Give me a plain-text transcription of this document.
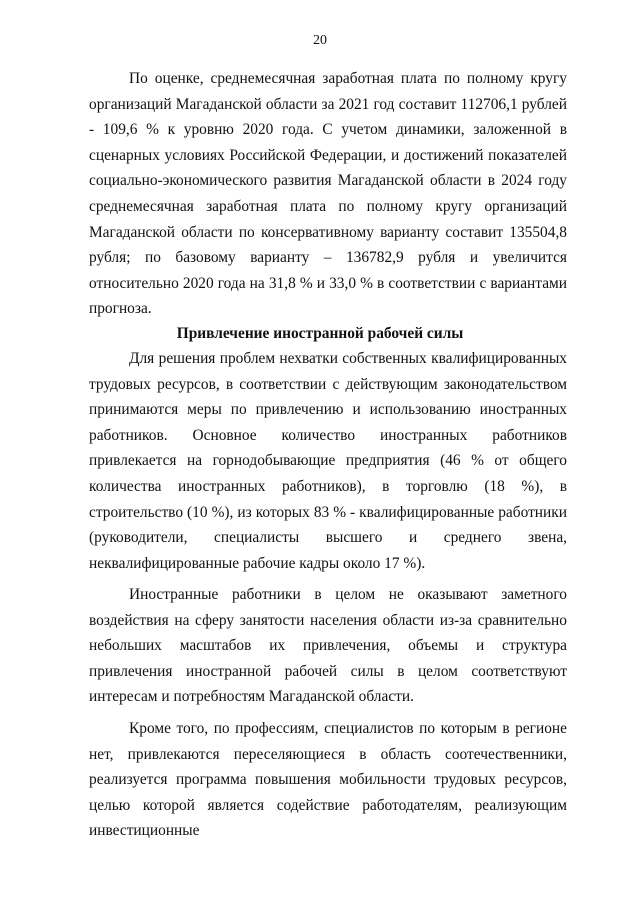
20

По оценке, среднемесячная заработная плата по полному кругу организаций Магаданской области за 2021 год составит 112706,1 рублей - 109,6 % к уровню 2020 года. С учетом динамики, заложенной в сценарных условиях Российской Федерации, и достижений показателей социально-экономического развития Магаданской области в 2024 году среднемесячная заработная плата по полному кругу организаций Магаданской области по консервативному варианту составит 135504,8 рубля; по базовому варианту – 136782,9 рубля и увеличится относительно 2020 года на 31,8 % и 33,0 % в соответствии с вариантами прогноза.

Привлечение иностранной рабочей силы

Для решения проблем нехватки собственных квалифицированных трудовых ресурсов, в соответствии с действующим законодательством принимаются меры по привлечению и использованию иностранных работников. Основное количество иностранных работников привлекается на горнодобывающие предприятия (46 % от общего количества иностранных работников), в торговлю (18 %), в строительство (10 %), из которых 83 % - квалифицированные работники (руководители, специалисты высшего и среднего звена, неквалифицированные рабочие кадры около 17 %).

Иностранные работники в целом не оказывают заметного воздействия на сферу занятости населения области из-за сравнительно небольших масштабов их привлечения, объемы и структура привлечения иностранной рабочей силы в целом соответствуют интересам и потребностям Магаданской области.

Кроме того, по профессиям, специалистов по которым в регионе нет, привлекаются переселяющиеся в область соотечественники, реализуется программа повышения мобильности трудовых ресурсов, целью которой является содействие работодателям, реализующим инвестиционные
